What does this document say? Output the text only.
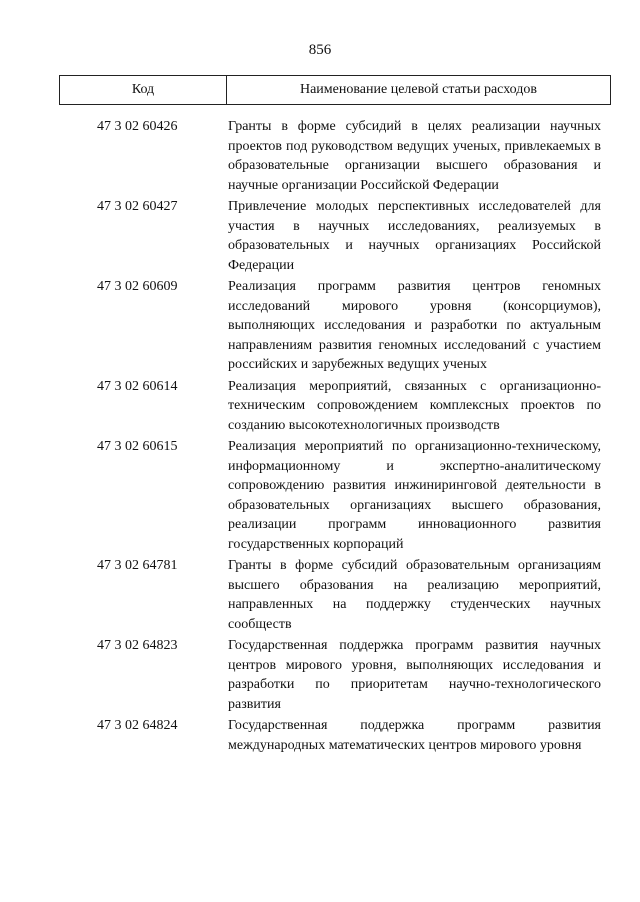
856
Код	Наименование целевой статьи расходов
47 3 02 60426	Гранты в форме субсидий в целях реализации научных проектов под руководством ведущих ученых, привлекаемых в образовательные организации высшего образования и научные организации Российской Федерации
47 3 02 60427	Привлечение молодых перспективных исследователей для участия в научных исследованиях, реализуемых в образовательных и научных организациях Российской Федерации
47 3 02 60609	Реализация программ развития центров геномных исследований мирового уровня (консорциумов), выполняющих исследования и разработки по актуальным направлениям развития геномных исследований с участием российских и зарубежных ведущих ученых
47 3 02 60614	Реализация мероприятий, связанных с организационно-техническим сопровождением комплексных проектов по созданию высокотехнологичных производств
47 3 02 60615	Реализация мероприятий по организационно-техническому, информационному и экспертно-аналитическому сопровождению развития инжиниринговой деятельности в образовательных организациях высшего образования, реализации программ инновационного развития государственных корпораций
47 3 02 64781	Гранты в форме субсидий образовательным организациям высшего образования на реализацию мероприятий, направленных на поддержку студенческих научных сообществ
47 3 02 64823	Государственная поддержка программ развития научных центров мирового уровня, выполняющих исследования и разработки по приоритетам научно-технологического развития
47 3 02 64824	Государственная поддержка программ развития международных математических центров мирового уровня
